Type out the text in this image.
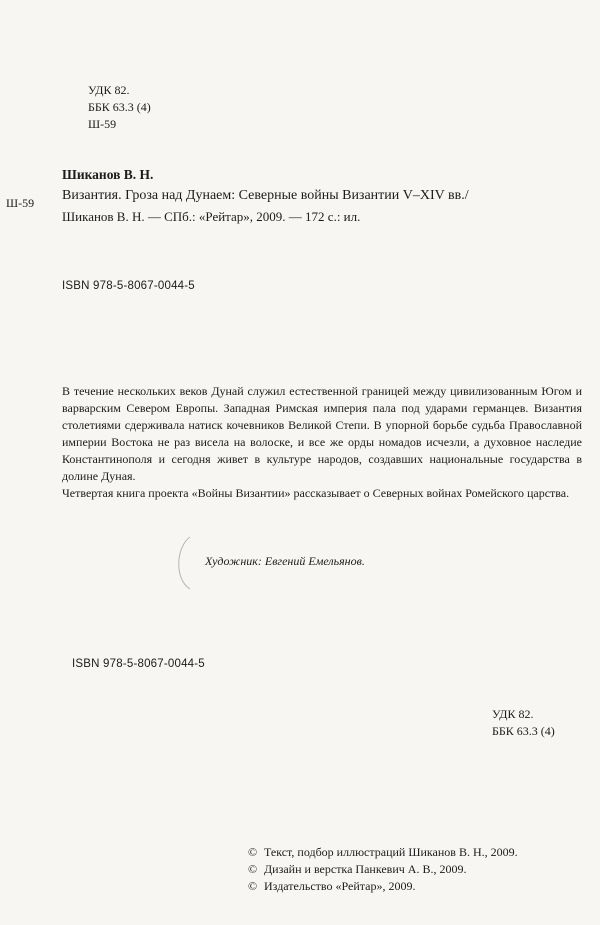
УДК 82.
ББК 63.3 (4)
Ш-59
Шиканов В. Н.
Ш-59 Византия. Гроза над Дунаем: Северные войны Византии V–XIV вв./
Шиканов В. Н. — СПб.: «Рейтар», 2009. — 172 с.: ил.
ISBN 978-5-8067-0044-5

В течение нескольких веков Дунай служил естественной границей между цивилизованным Югом и варварским Севером Европы. Западная Римская империя пала под ударами германцев. Византия столетиями сдерживала натиск кочевников Великой Степи. В упорной борьбе судьба Православной империи Востока не раз висела на волоске, и все же орды номадов исчезли, а духовное наследие Константинополя и сегодня живет в культуре народов, создавших национальные государства в долине Дуная.

Четвертая книга проекта «Войны Византии» рассказывает о Северных войнах Ромейского царства.

Художник: Евгений Емельянов.
ISBN 978-5-8067-0044-5
УДК 82.
ББК 63.3 (4)
© Текст, подбор иллюстраций Шиканов В. Н., 2009.
© Дизайн и верстка Панкевич А. В., 2009.
© Издательство «Рейтар», 2009.
